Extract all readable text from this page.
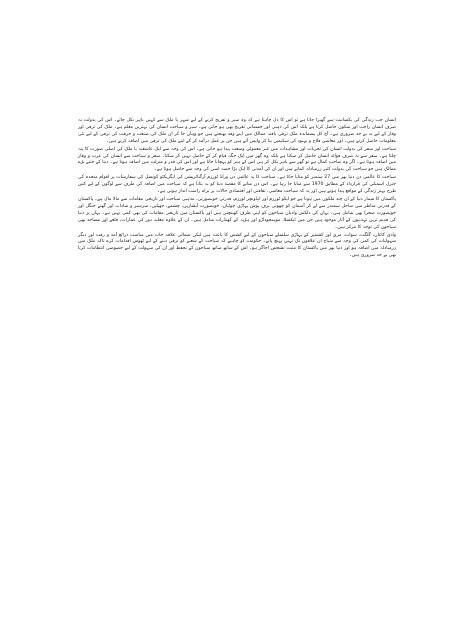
انسان جب زندگی کی یکسانیت سے گھبرا جاتا ہے تو اس کا دل چاہتا ہے کہ وہ سیر و تفریح کرنے کے لیے شہر یا ملک سے کہیں باہر نکل جائے۔ اس کی بدولت نہ صرف انسان راحت اور سکون حاصل کرتا ہے بلکہ اس کی ذہنی اور جسمانی تفریح بھی ہو جاتی ہے۔ سیر و سیاحت انسان کی بہترین معلم ہے۔ ملک کی ترقی اور وقار کے لیے یہ بے حد ضروری ہے۔ آج کل پسماندہ ملک ترقی یافتہ ممالک میں اپنے وفد بھیجتے ہیں جو وہاں جا کر ان ملک کی صنعت و حرفت کی ترقی کے لیے نئی معلومات حاصل کرتے ہیں۔ اور معاشی فلاح و بہبود کی سکیمیں بنا کر واپس آتے ہیں جن پر عمل درآمد کر کے اپنے ملک کی ترقی میں اضافہ کرتے ہیں۔

سیاحت اور سفر کی بدولت انسان کی تجربات اور مشاہدات میں غیر معمولی وسعت پیدا ہو جاتی ہے۔ اس کی وجہ سے ایک عاشقیہ یا ملک کی اصلی صورت کا پتہ چلتا ہے۔ سفر سے نہ صرف فوائد انسان حاصل کر سکتا ہے بلکہ وہ گھر میں ایک جگہ قیام کر کے حاصل نہیں کر سکتا۔ سفر و سیاحت سے انسان کی عزت و وقار میں اضافہ ہوتا ہے۔ اگر وہ صاحب کمال ہے تو گھر سے باہر نکل کر ہی اس کے ہنر کو پہچانا جاتا ہے اور اس کی قدر و منزلت میں اضافہ ہوتا ہے۔ دنیا کے جتنے بڑے ممالک ہیں جو سیاحت کی بدولت کثیر زرمبادلہ کماتے ہیں اور ان کی آمدنی کا ایک بڑا حصہ اسی کی وجہ سے حاصل ہوتا ہے۔

سیاحت کا عالمی دن دنیا بھر میں 27 ستمبر کو منایا جاتا ہے۔ سیاحت کا یہ عالمی دن ورلڈ ٹورزم آرگنائزیشن کی ایگزیکٹو کونسل کی سفارشات پر اقوام متحدہ کی جنرل اسمبلی کی قرارداد کے مطابق 1970 سے منایا جا رہا ہے۔ اس دن منانے کا مقصد دنیا کو یہ بتانا ہے کہ سیاحت میں اضافہ کی طرف سے لوگوں کے لیے کس طرح بہتر زندگی کے مواقع پیدا ہوتے ہیں اور یہ کہ سیاحت معاشی، ثقافتی اور اقتصادی حالات پر براہ راست انداز ہوتی ہے۔

پاکستان کا شمار دنیا کے ان چند ملکوں میں ہوتا ہے جو ایکو ٹورزم اور ایڈونچر ٹورزم، قدرتی خوبصورتی، مذہبی سیاحت اور تاریخی مقامات سے مالا مال ہے۔ پاکستان کے قدرتی مناظر میں ساحل سمندر سے لے کر آسمان کو چھوتی برف پوش پہاڑی چوٹیاں، خوبصورت آبشاریں، چشمے، جھیلیں، سرسبز و شاداب اور گھنے جنگل اور خوبصورت صحرا بھی شامل ہیں۔ یہاں کی دلکش وادیاں سیاحوں کو اپنی طرف کھینچتی ہیں اور پاکستان میں تاریخی مقامات کی بھی کمی نہیں ہے۔ یہاں پر دنیا کی قدیم ترین تہذیبوں کے آثار موجود ہیں جن میں ٹیکسلا، موہنجوداڑو اور ہڑپہ کے کھنڈرات شامل ہیں۔ ان کے علاوہ مغلیہ دور کی عمارات، قلعے اور مساجد بھی سیاحوں کی توجہ کا مرکز ہیں۔

وادی کاغان، گلگت، سوات، مری اور کشمیر کے پہاڑی سلسلے سیاحوں کے لیے کشش کا باعث ہیں لیکن شمالی علاقہ جات میں مناسب ذرائع آمد و رفت اور دیگر سہولیات کی کمی کی وجہ سے سیاح ان علاقوں تک نہیں پہنچ پاتے۔ حکومت کو چاہیے کہ سیاحت کے شعبے کو ترقی دینے کے لیے ٹھوس اقدامات کرے تاکہ ملک میں زرمبادلہ میں اضافہ ہو اور دنیا بھر میں پاکستان کا مثبت تشخص اجاگر ہو۔ اس کے ساتھ ساتھ سیاحوں کے تحفظ اور ان کی سہولت کے لیے خصوصی انتظامات کرنا بھی بے حد ضروری ہیں۔
